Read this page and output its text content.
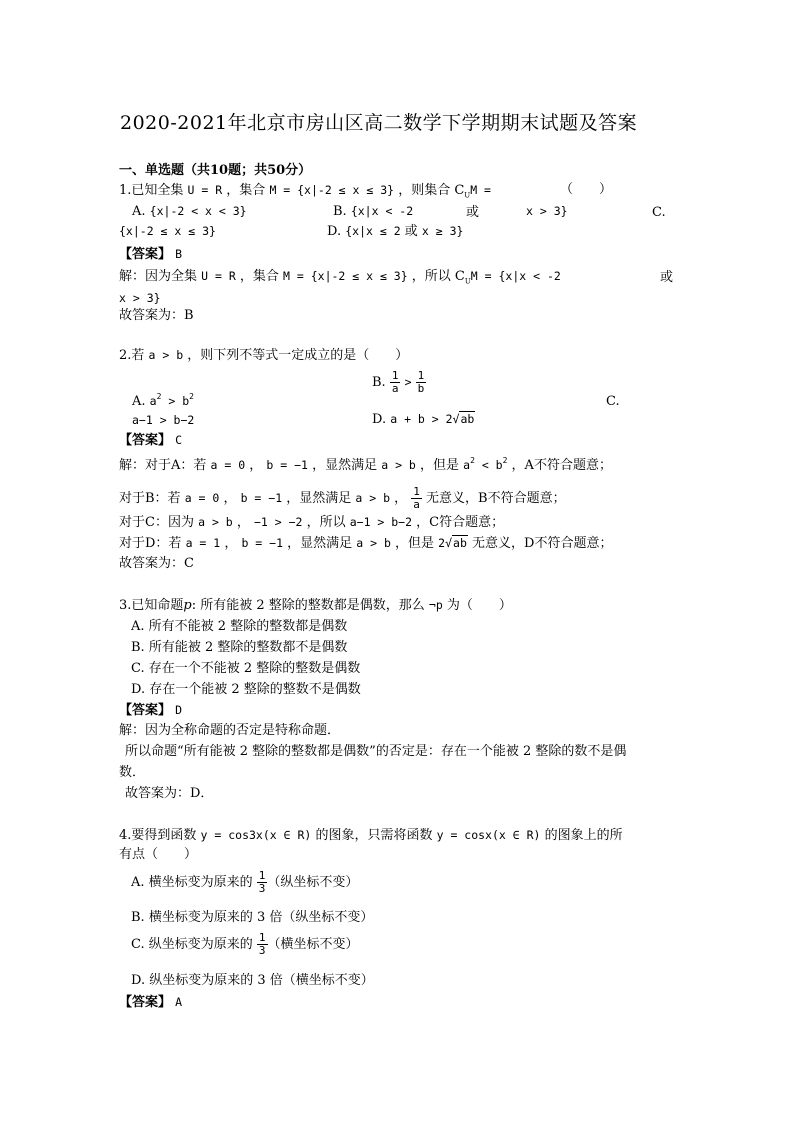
2020-2021年北京市房山区高二数学下学期期末试题及答案
一、单选题（共10题；共50分）
1.已知全集 U = R ，集合 M = {x|-2 ≤ x ≤ 3} ，则集合 $C_UM$ =	（　　）
A. {x|-2 < x < 3}	B. {x|x < -2	或	x > 3}	C.
{x|-2 ≤ x ≤ 3}	D. {x|x ≤ 2 或 x ≥ 3}
【答案】 B
解：因为全集 U = R ，集合 M = {x|-2 ≤ x ≤ 3} ，所以 $C_UM = \{x|x < -2$	或
x > 3}
故答案为：B
2.若 a > b ，则下列不等式一定成立的是（　　）
A. $a^2 > b^2$
B. $\frac{1}{a} > \frac{1}{b}$
C.
a−1 > b−2	D. a + b > 2√ab
【答案】 C
解：对于A：若 a = 0 ， b = −1 ，显然满足 a > b ，但是 $a^2 < b^2$ ，A不符合题意；
对于B：若 a = 0 ， b = −1 ，显然满足 a > b ， $\frac{1}{a}$ 无意义，B不符合题意；
对于C：因为 a > b ， −1 > −2 ，所以 a−1 > b−2 ，C符合题意；
对于D：若 a = 1 ， b = −1 ，显然满足 a > b ，但是 2√ab 无意义，D不符合题意；
故答案为：C
3.已知命题p: 所有能被 2 整除的整数都是偶数，那么 ¬p 为（　　）
A. 所有不能被 2 整除的整数都是偶数
B. 所有能被 2 整除的整数都不是偶数
C. 存在一个不能被 2 整除的整数是偶数
D. 存在一个能被 2 整除的整数不是偶数
【答案】 D
解：因为全称命题的否定是特称命题．
所以命题“所有能被 2 整除的整数都是偶数”的否定是：存在一个能被 2 整除的数不是偶
数．
故答案为：D．
4.要得到函数 y = cos3x(x ∈ R) 的图象，只需将函数 y = cosx(x ∈ R) 的图象上的所
有点（　　）
A. 横坐标变为原来的 $\frac{1}{3}$ （纵坐标不变）
B. 横坐标变为原来的 3 倍（纵坐标不变）
C. 纵坐标变为原来的 $\frac{1}{3}$ （横坐标不变）
D. 纵坐标变为原来的 3 倍（横坐标不变）
【答案】 A
